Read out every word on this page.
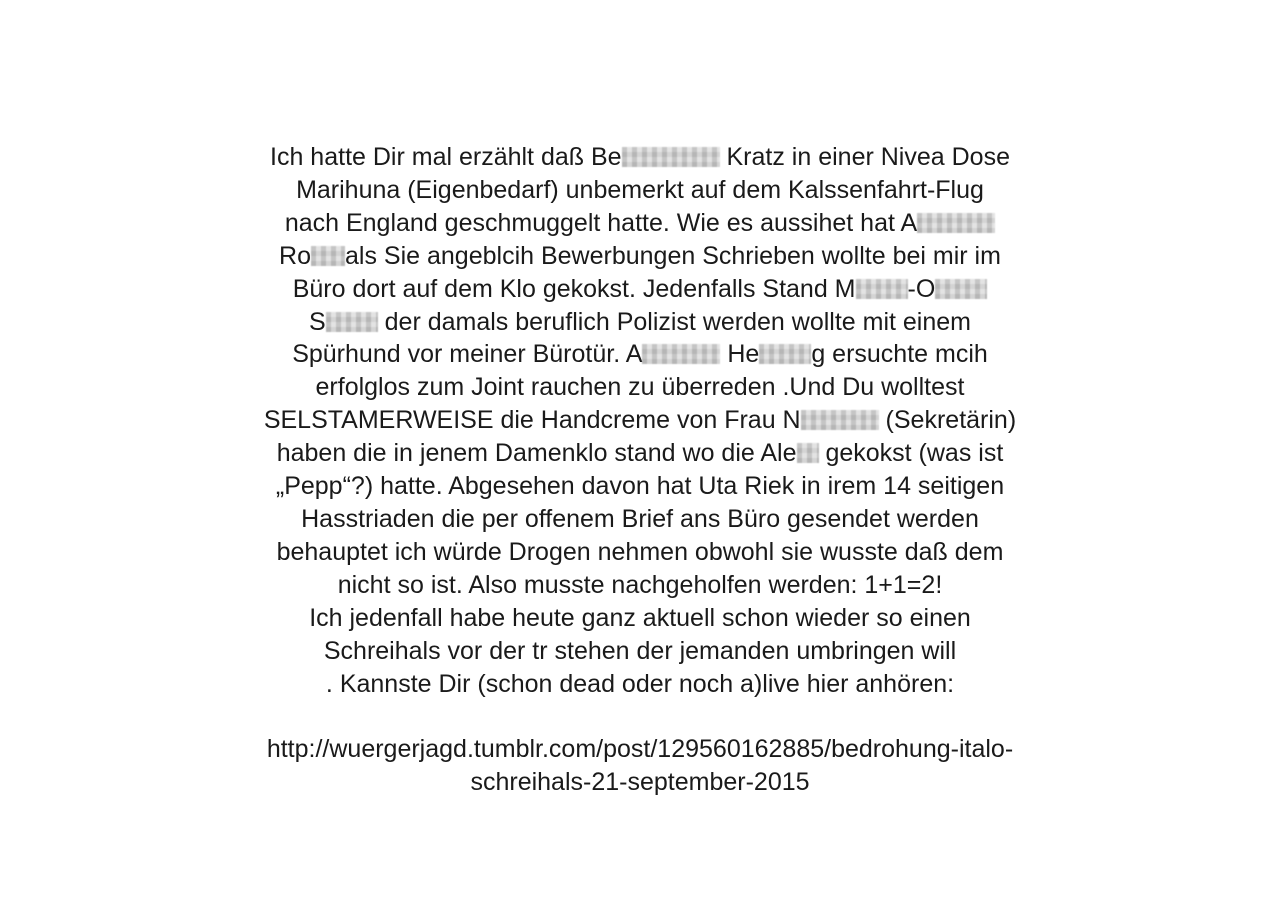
Ich hatte Dir mal erzählt daß Be	Kratz in einer Nivea Dose
Marihuna (Eigenbedarf) unbemerkt auf dem Kalssenfahrt-Flug
nach England geschmuggelt hatte. Wie es aussihet hat A
Ro als Sie angeblcih Bewerbungen Schrieben wollte bei mir im
Büro dort auf dem Klo gekokst. Jedenfalls Stand M -O
S der damals beruflich Polizist werden wollte mit einem
Spürhund vor meiner Bürotür. A	He g ersuchte mcih
erfolglos zum Joint rauchen zu überreden .Und Du wolltest
SELSTAMERWEISE die Handcreme von Frau N	(Sekretärin)
haben die in jenem Damenklo stand wo die Ale gekokst (was ist
„Pepp“?) hatte. Abgesehen davon hat Uta Riek in irem 14 seitigen
Hasstriaden die per offenem Brief ans Büro gesendet werden
behauptet ich würde Drogen nehmen obwohl sie wusste daß dem
nicht so ist. Also musste nachgeholfen werden: 1+1=2!
Ich jedenfall habe heute ganz aktuell schon wieder so einen
Schreihals vor der tr stehen der jemanden umbringen will
. Kannste Dir (schon dead oder noch a)live hier anhören:
http://wuergerjagd.tumblr.com/post/129560162885/bedrohung-italo-
schreihals-21-september-2015
